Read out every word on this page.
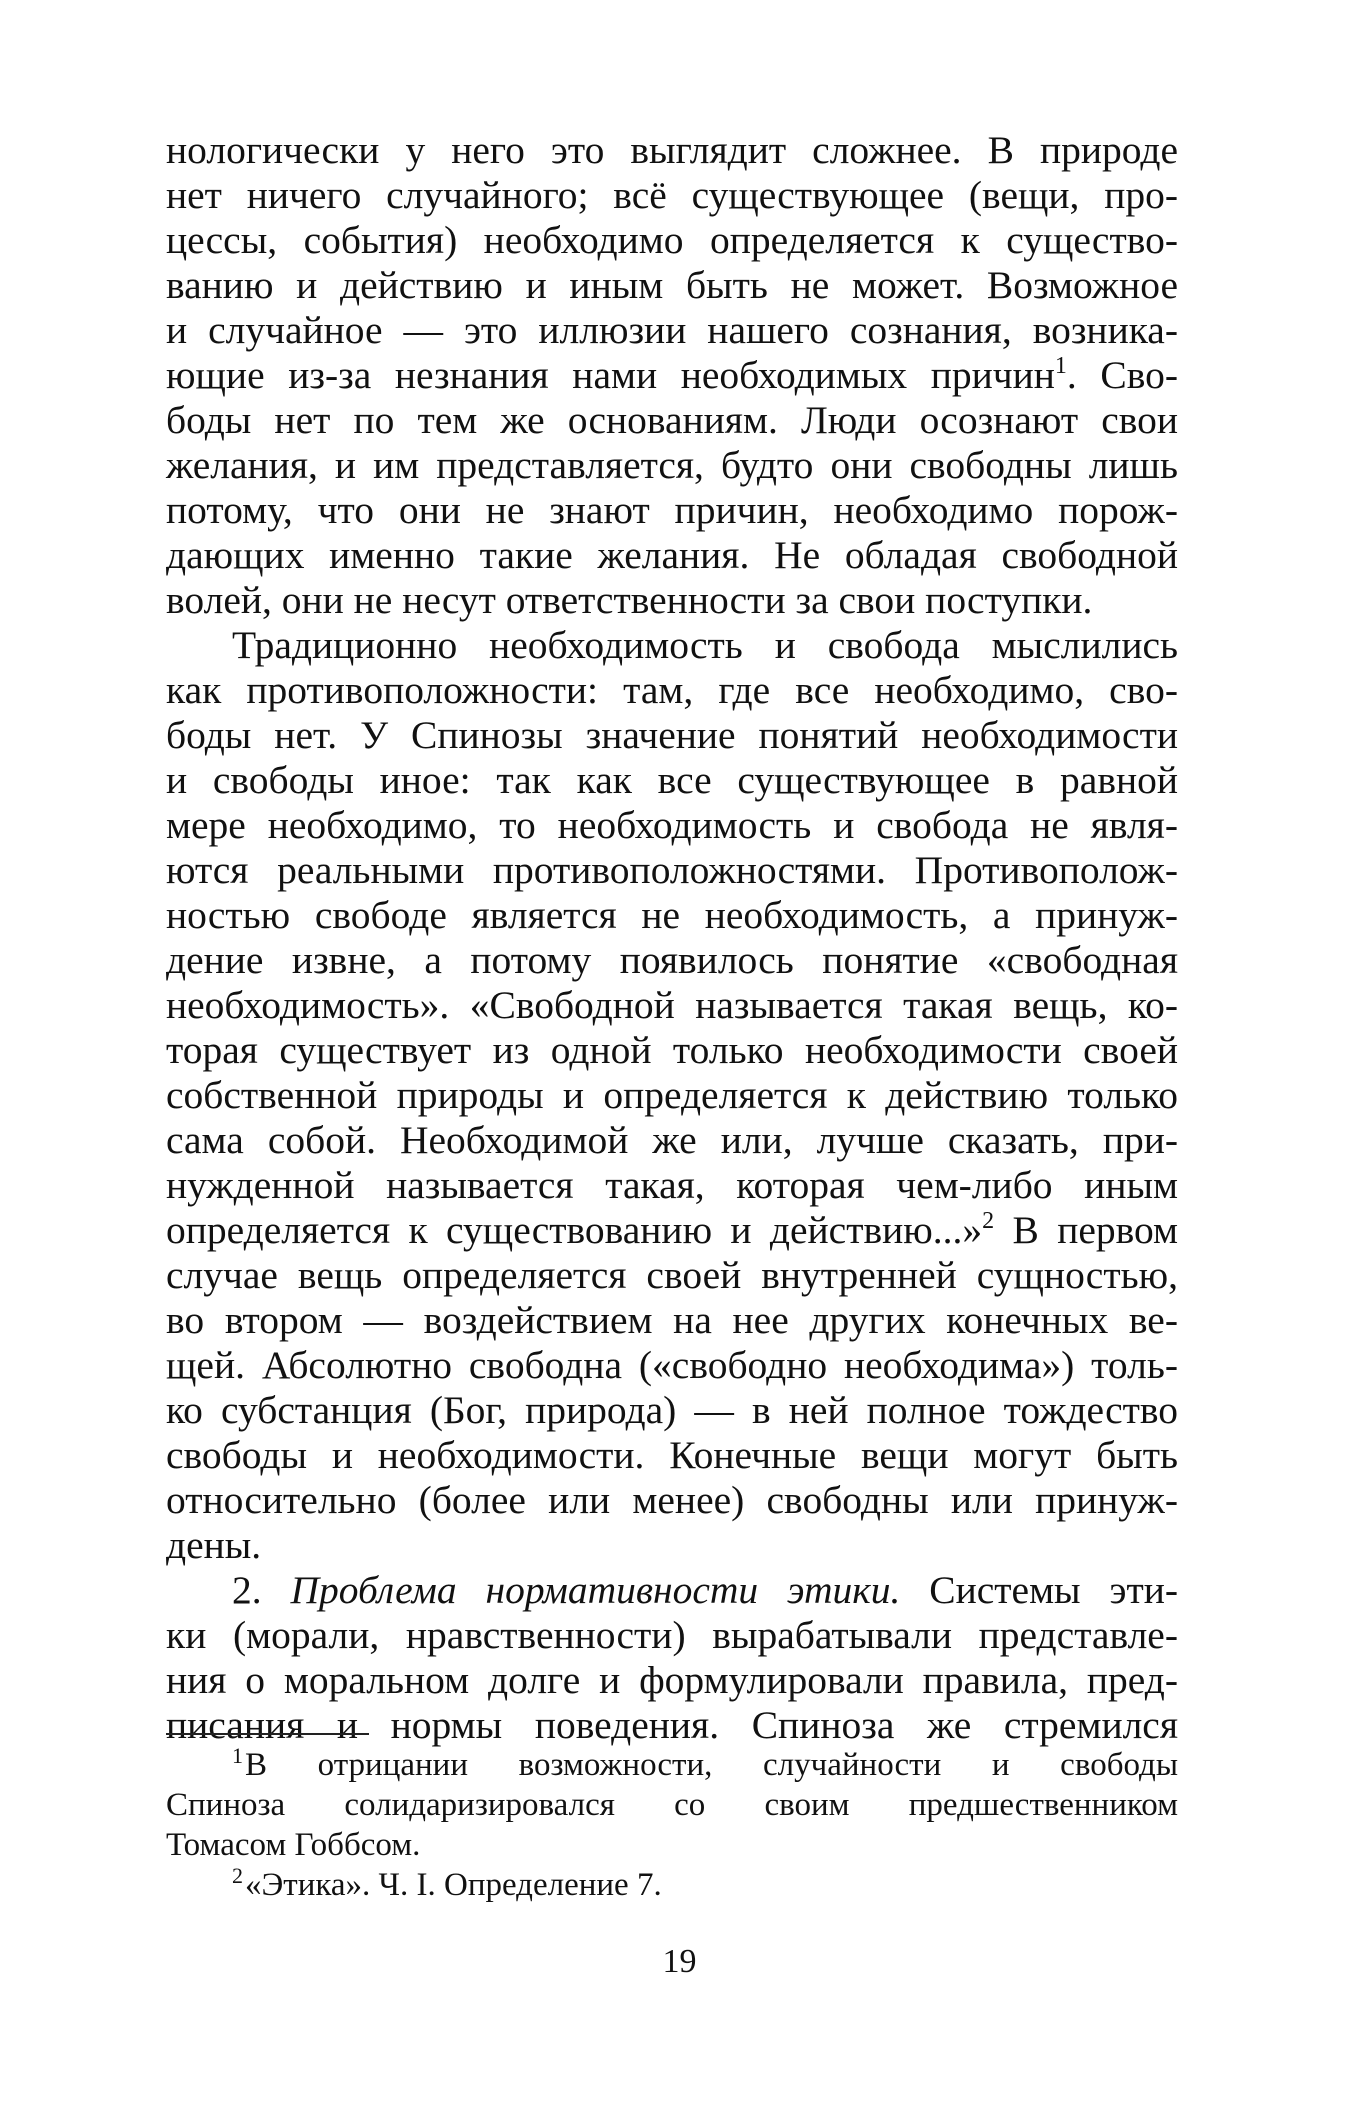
нологически у него это выглядит сложнее. В природе
нет ничего случайного; всё существующее (вещи, про-
цессы, события) необходимо определяется к существо-
ванию и действию и иным быть не может. Возможное
и случайное — это иллюзии нашего сознания, возника-
ющие из-за незнания нами необходимых причин$^1$. Сво-
боды нет по тем же основаниям. Люди осознают свои
желания, и им представляется, будто они свободны лишь
потому, что они не знают причин, необходимо порож-
дающих именно такие желания. Не обладая свободной
волей, они не несут ответственности за свои поступки.
Традиционно необходимость и свобода мыслились
как противоположности: там, где все необходимо, сво-
боды нет. У Спинозы значение понятий необходимости
и свободы иное: так как все существующее в равной
мере необходимо, то необходимость и свобода не явля-
ются реальными противоположностями. Противополож-
ностью свободе является не необходимость, а принуж-
дение извне, а потому появилось понятие «свободная
необходимость». «Свободной называется такая вещь, ко-
торая существует из одной только необходимости своей
собственной природы и определяется к действию только
сама собой. Необходимой же или, лучше сказать, при-
нужденной называется такая, которая чем-либо иным
определяется к существованию и действию...»$^2$ В первом
случае вещь определяется своей внутренней сущностью,
во втором — воздействием на нее других конечных ве-
щей. Абсолютно свободна («свободно необходима») толь-
ко субстанция (Бог, природа) — в ней полное тождество
свободы и необходимости. Конечные вещи могут быть
относительно (более или менее) свободны или принуж-
дены.
2. Проблема нормативности этики. Системы эти-
ки (морали, нравственности) вырабатывали представле-
ния о моральном долге и формулировали правила, пред-
писания и нормы поведения. Спиноза же стремился
$^1$В отрицании возможности, случайности и свободы
Спиноза солидаризировался со своим предшественником
Томасом Гоббсом.
$^2$«Этика». Ч. I. Определение 7.
19
